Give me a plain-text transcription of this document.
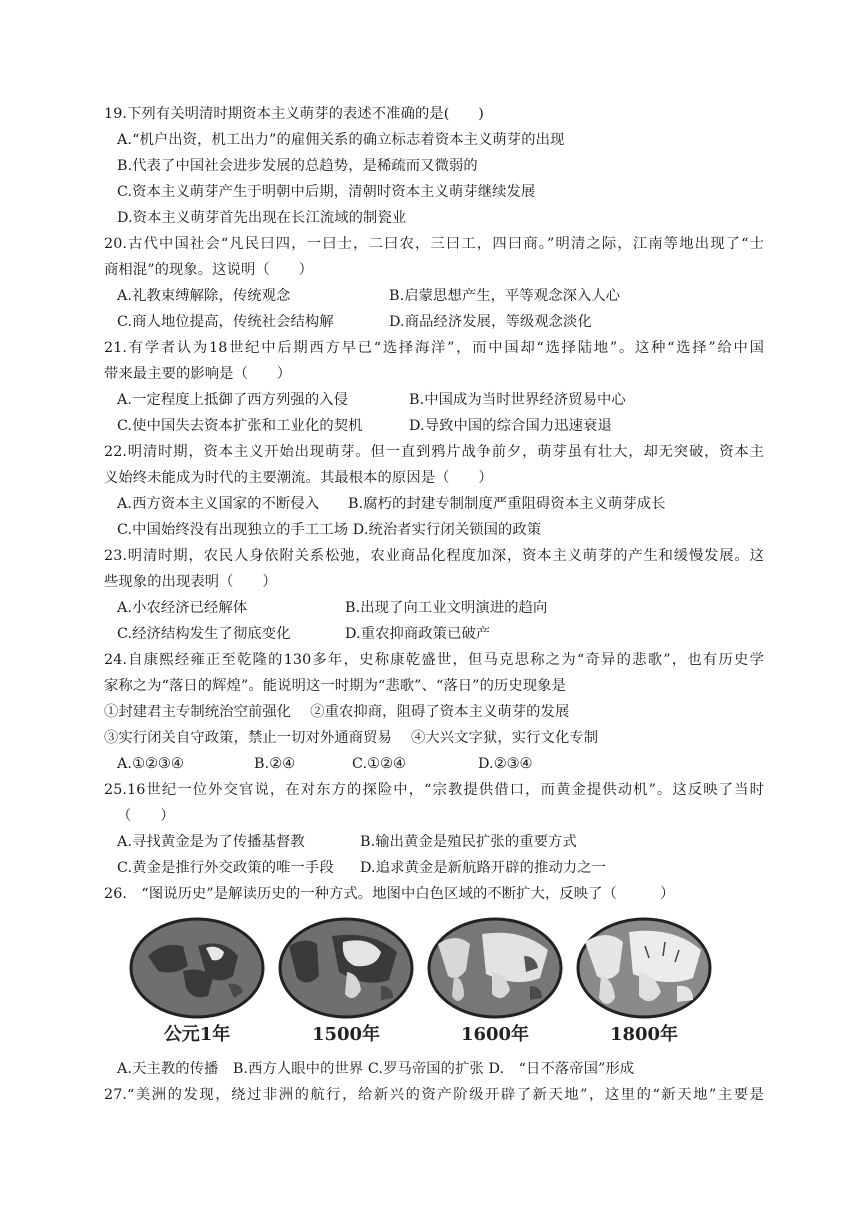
19.下列有关明清时期资本主义萌芽的表述不准确的是(　　)
A.“机户出资，机工出力”的雇佣关系的确立标志着资本主义萌芽的出现
B.代表了中国社会进步发展的总趋势，是稀疏而又微弱的
C.资本主义萌芽产生于明朝中后期，清朝时资本主义萌芽继续发展
D.资本主义萌芽首先出现在长江流域的制瓷业
20.古代中国社会“凡民曰四，一曰士，二曰农，三曰工，四曰商。”明清之际，江南等地出现了“士
商相混”的现象。这说明（　　）
A.礼教束缚解除，传统观念	B.启蒙思想产生，平等观念深入人心
C.商人地位提高，传统社会结构解	D.商品经济发展，等级观念淡化
21.有学者认为18世纪中后期西方早已“选择海洋”，而中国却“选择陆地”。这种“选择”给中国
带来最主要的影响是（　　）
A.一定程度上抵御了西方列强的入侵	B.中国成为当时世界经济贸易中心
C.使中国失去资本扩张和工业化的契机	D.导致中国的综合国力迅速衰退
22.明清时期，资本主义开始出现萌芽。但一直到鸦片战争前夕，萌芽虽有壮大，却无突破，资本主
义始终未能成为时代的主要潮流。其最根本的原因是（　　）
A.西方资本主义国家的不断侵入　　B.腐朽的封建专制制度严重阻碍资本主义萌芽成长
C.中国始终没有出现独立的手工工场 D.统治者实行闭关锁国的政策
23.明清时期，农民人身依附关系松弛，农业商品化程度加深，资本主义萌芽的产生和缓慢发展。这
些现象的出现表明（　　）
A.小农经济已经解体	B.出现了向工业文明演进的趋向
C.经济结构发生了彻底变化	D.重农抑商政策已破产
24.自康熙经雍正至乾隆的130多年，史称康乾盛世，但马克思称之为“奇异的悲歌”，也有历史学
家称之为“落日的辉煌”。能说明这一时期为“悲歌”、“落日”的历史现象是
①封建君主专制统治空前强化　 ②重农抑商，阻碍了资本主义萌芽的发展
③实行闭关自守政策，禁止一切对外通商贸易　 ④大兴文字狱，实行文化专制
A.①②③④	B.②④	C.①②④	D.②③④
25.16世纪一位外交官说，在对东方的探险中，“宗教提供借口，而黄金提供动机”。这反映了当时
（　　）
A.寻找黄金是为了传播基督教	B.输出黄金是殖民扩张的重要方式
C.黄金是推行外交政策的唯一手段 D.追求黄金是新航路开辟的推动力之一
26.　“图说历史”是解读历史的一种方式。地图中白色区域的不断扩大，反映了（　　　）
公元1年	1500年	1600年	1800年
A.天主教的传播　B.西方人眼中的世界 C.罗马帝国的扩张 D.　“日不落帝国”形成
27.“美洲的发现，绕过非洲的航行，给新兴的资产阶级开辟了新天地”，这里的“新天地”主要是
